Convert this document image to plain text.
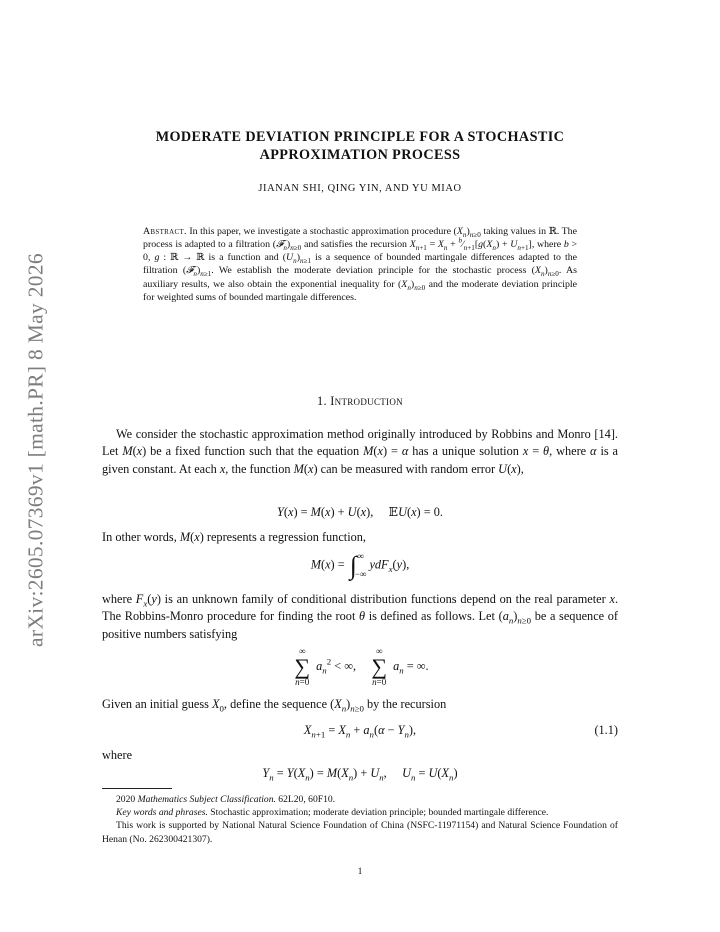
arXiv:2605.07369v1 [math.PR] 8 May 2026
MODERATE DEVIATION PRINCIPLE FOR A STOCHASTIC
APPROXIMATION PROCESS
JIANAN SHI, QING YIN, AND YU MIAO
Abstract. In this paper, we investigate a stochastic approximation procedure $(X_n)_{n\ge 0}$ taking values in ℝ. The process is adapted to a filtration $(𝓕_n)_{n\ge 0}$ and satisfies the recursion $X_{n+1} = X_n$ + $^b⁄_{n+1}[g(X_n) + U_{n+1}]$, where b > 0, g : ℝ → ℝ is a function and $(U_n)_{n\ge 1}$ is a sequence of bounded martingale differences adapted to the filtration $(𝓕_n)_{n\ge 1}$. We establish the moderate deviation principle for the stochastic process $(X_n)_{n\ge 0}$. As auxiliary results, we also obtain the exponential inequality for $(X_n)_{n\ge 0}$ and the moderate deviation principle for weighted sums of bounded martingale differences.
1. Introduction
We consider the stochastic approximation method originally introduced by Robbins and Monro [14]. Let M(x) be a fixed function such that the equation M(x) = α has a unique solution x = θ, where α is a given constant. At each x, the function M(x) can be measured with random error U(x),
Y(x) = M(x) + U(x),     𝔼U(x) = 0.
In other words, M(x) represents a regression function,
M(x) = ∫ ∞

−∞
ydF$_x$(y),
where $F_x(y)$ is an unknown family of conditional distribution functions depend on the real parameter x. The Robbins-Monro procedure for finding the root θ is defined as follows. Let $(a_n)_{n\ge 0}$ be a sequence of positive numbers satisfying
∞
∑
n=0
$a_n^2$ < ∞,
∞
∑
n=0
$a_n$ = ∞.
Given an initial guess $X_0$, define the sequence $(X_n)_{n\ge 0}$ by the recursion
$X_{n+1} = X_n + a_n(\alpha - Y_n)$,	(1.1)
where
$Y_n = Y(X_n) = M(X_n) + U_n$,     $U_n = U(X_n)$

2020 Mathematics Subject Classification. 62L20, 60F10.

Key words and phrases. Stochastic approximation; moderate deviation principle; bounded martingale difference.

This work is supported by National Natural Science Foundation of China (NSFC-11971154) and Natural Science Foundation of Henan (No. 262300421307).

1
